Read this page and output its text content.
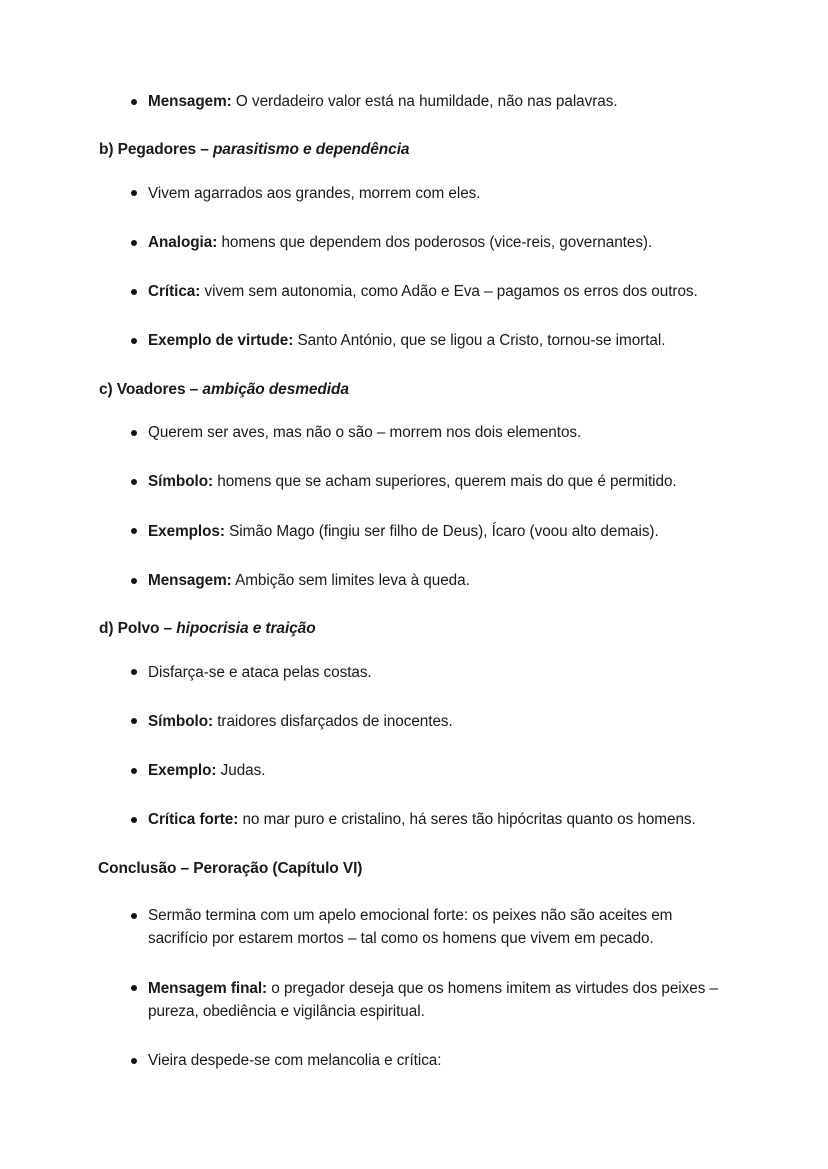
Mensagem: O verdadeiro valor está na humildade, não nas palavras.

b) Pegadores – parasitismo e dependência

Vivem agarrados aos grandes, morrem com eles.
Analogia: homens que dependem dos poderosos (vice-reis, governantes).
Crítica: vivem sem autonomia, como Adão e Eva – pagamos os erros dos outros.
Exemplo de virtude: Santo António, que se ligou a Cristo, tornou-se imortal.

c) Voadores – ambição desmedida

Querem ser aves, mas não o são – morrem nos dois elementos.
Símbolo: homens que se acham superiores, querem mais do que é permitido.
Exemplos: Simão Mago (fingiu ser filho de Deus), Ícaro (voou alto demais).
Mensagem: Ambição sem limites leva à queda.

d) Polvo – hipocrisia e traição

Disfarça-se e ataca pelas costas.
Símbolo: traidores disfarçados de inocentes.
Exemplo: Judas.
Crítica forte: no mar puro e cristalino, há seres tão hipócritas quanto os homens.

Conclusão – Peroração (Capítulo VI)

Sermão termina com um apelo emocional forte: os peixes não são aceites em sacrifício por estarem mortos – tal como os homens que vivem em pecado.
Mensagem final: o pregador deseja que os homens imitem as virtudes dos peixes – pureza, obediência e vigilância espiritual.
Vieira despede-se com melancolia e crítica:
